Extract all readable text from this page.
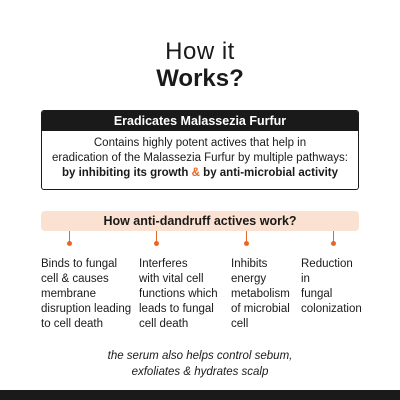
How it
Works?
Eradicates Malassezia Furfur
Contains highly potent actives that help in
eradication of the Malassezia Furfur by multiple pathways:
by inhibiting its growth & by anti-microbial activity
How anti-dandruff actives work?
Binds to fungal
cell & causes
membrane
disruption leading
to cell death
Interferes
with vital cell
functions which
leads to fungal
cell death
Inhibits
energy
metabolism
of microbial
cell
Reduction
in
fungal
colonization
the serum also helps control sebum,
exfoliates & hydrates scalp
